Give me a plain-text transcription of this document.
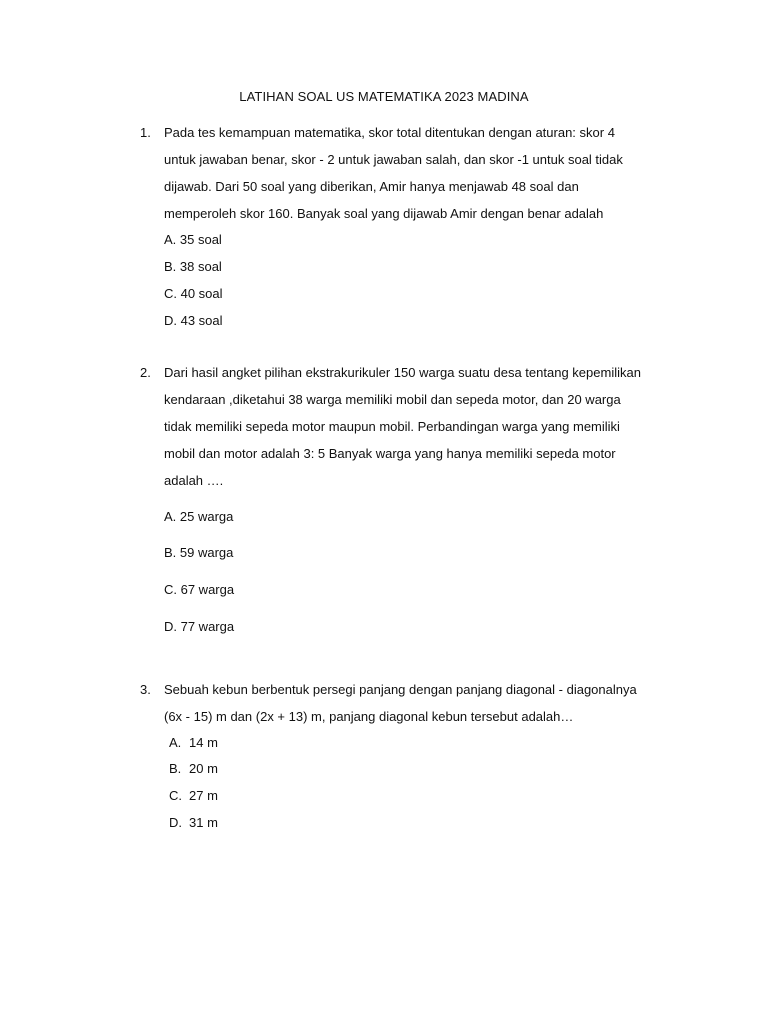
LATIHAN SOAL US MATEMATIKA 2023 MADINA
1. Pada tes kemampuan matematika, skor total ditentukan dengan aturan: skor 4
untuk jawaban benar, skor - 2 untuk jawaban salah, dan skor -1 untuk soal tidak
dijawab. Dari 50 soal yang diberikan, Amir hanya menjawab 48 soal dan
memperoleh skor 160. Banyak soal yang dijawab Amir dengan benar adalah
A. 35 soal
B. 38 soal
C. 40 soal
D. 43 soal
2. Dari hasil angket pilihan ekstrakurikuler 150 warga suatu desa tentang kepemilikan
kendaraan ,diketahui 38 warga memiliki mobil dan sepeda motor, dan 20 warga
tidak memiliki sepeda motor maupun mobil. Perbandingan warga yang memiliki
mobil dan motor adalah 3: 5 Banyak warga yang hanya memiliki sepeda motor
adalah ….
A. 25 warga
B. 59 warga
C. 67 warga
D. 77 warga
3. Sebuah kebun berbentuk persegi panjang dengan panjang diagonal - diagonalnya
(6x - 15) m dan (2x + 13) m, panjang diagonal kebun tersebut adalah…
A. 14 m
B. 20 m
C. 27 m
D. 31 m
